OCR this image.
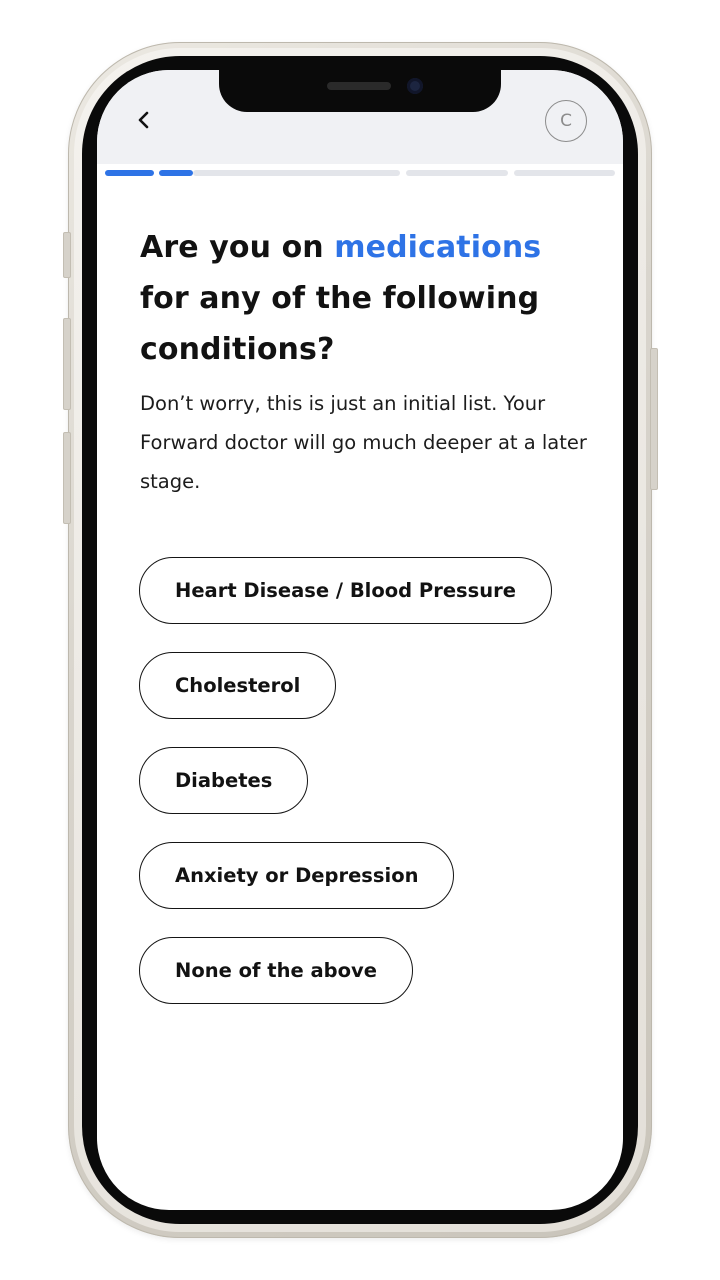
C
Are you on medications for any of the following conditions?

Don’t worry, this is just an initial list. Your Forward doctor will go much deeper at a later stage.

Heart Disease / Blood Pressure
Cholesterol
Diabetes
Anxiety or Depression
None of the above
